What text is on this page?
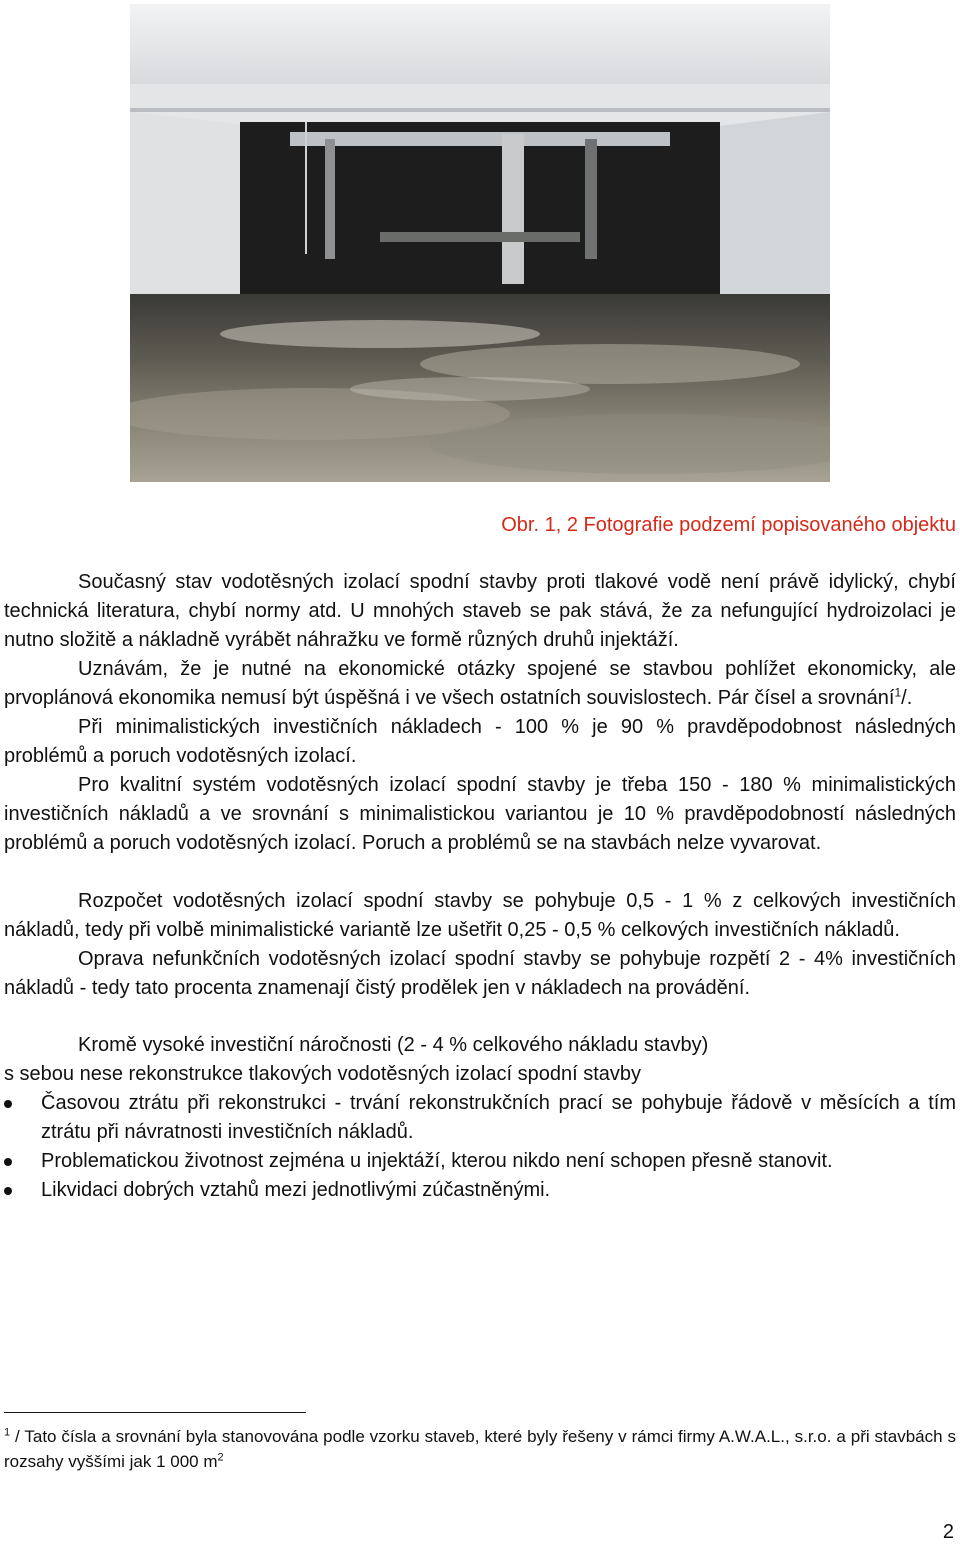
Obr. 1, 2 Fotografie podzemí popisovaného objektu

Současný stav vodotěsných izolací spodní stavby proti tlakové vodě není právě idylický, chybí technická literatura, chybí normy atd. U mnohých staveb se pak stává, že za nefungující hydroizolaci je nutno složitě a nákladně vyrábět náhražku ve formě různých druhů injektáží.

Uznávám, že je nutné na ekonomické otázky spojené se stavbou pohlížet ekonomicky, ale prvoplánová ekonomika nemusí být úspěšná i ve všech ostatních souvislostech. Pár čísel a srovnání$^1$/.

Při minimalistických investičních nákladech - 100 % je 90 % pravděpodobnost následných problémů a poruch vodotěsných izolací.

Pro kvalitní systém vodotěsných izolací spodní stavby je třeba 150 - 180 % minimalistických investičních nákladů a ve srovnání s minimalistickou variantou je 10 % pravděpodobností následných problémů a poruch vodotěsných izolací. Poruch a problémů se na stavbách nelze vyvarovat.

Rozpočet vodotěsných izolací spodní stavby se pohybuje 0,5 - 1 % z celkových investičních nákladů, tedy při volbě minimalistické variantě lze ušetřit 0,25 - 0,5 % celkových investičních nákladů.

Oprava nefunkčních vodotěsných izolací spodní stavby se pohybuje rozpětí 2 - 4% investičních nákladů - tedy tato procenta znamenají čistý prodělek jen v nákladech na provádění.

Kromě vysoké investiční náročnosti (2 - 4 % celkového nákladu stavby)

s sebou nese rekonstrukce tlakových vodotěsných izolací spodní stavby

Časovou ztrátu při rekonstrukci - trvání rekonstrukčních prací se pohybuje řádově v měsících a tím ztrátu při návratnosti investičních nákladů.
Problematickou životnost zejména u injektáží, kterou nikdo není schopen přesně stanovit.
Likvidaci dobrých vztahů mezi jednotlivými zúčastněnými.

$^1$ / Tato čísla a srovnání byla stanovována podle vzorku staveb, které byly řešeny v rámci firmy A.W.A.L., s.r.o. a při stavbách s rozsahy vyššími jak 1 000 $m^2$

2
